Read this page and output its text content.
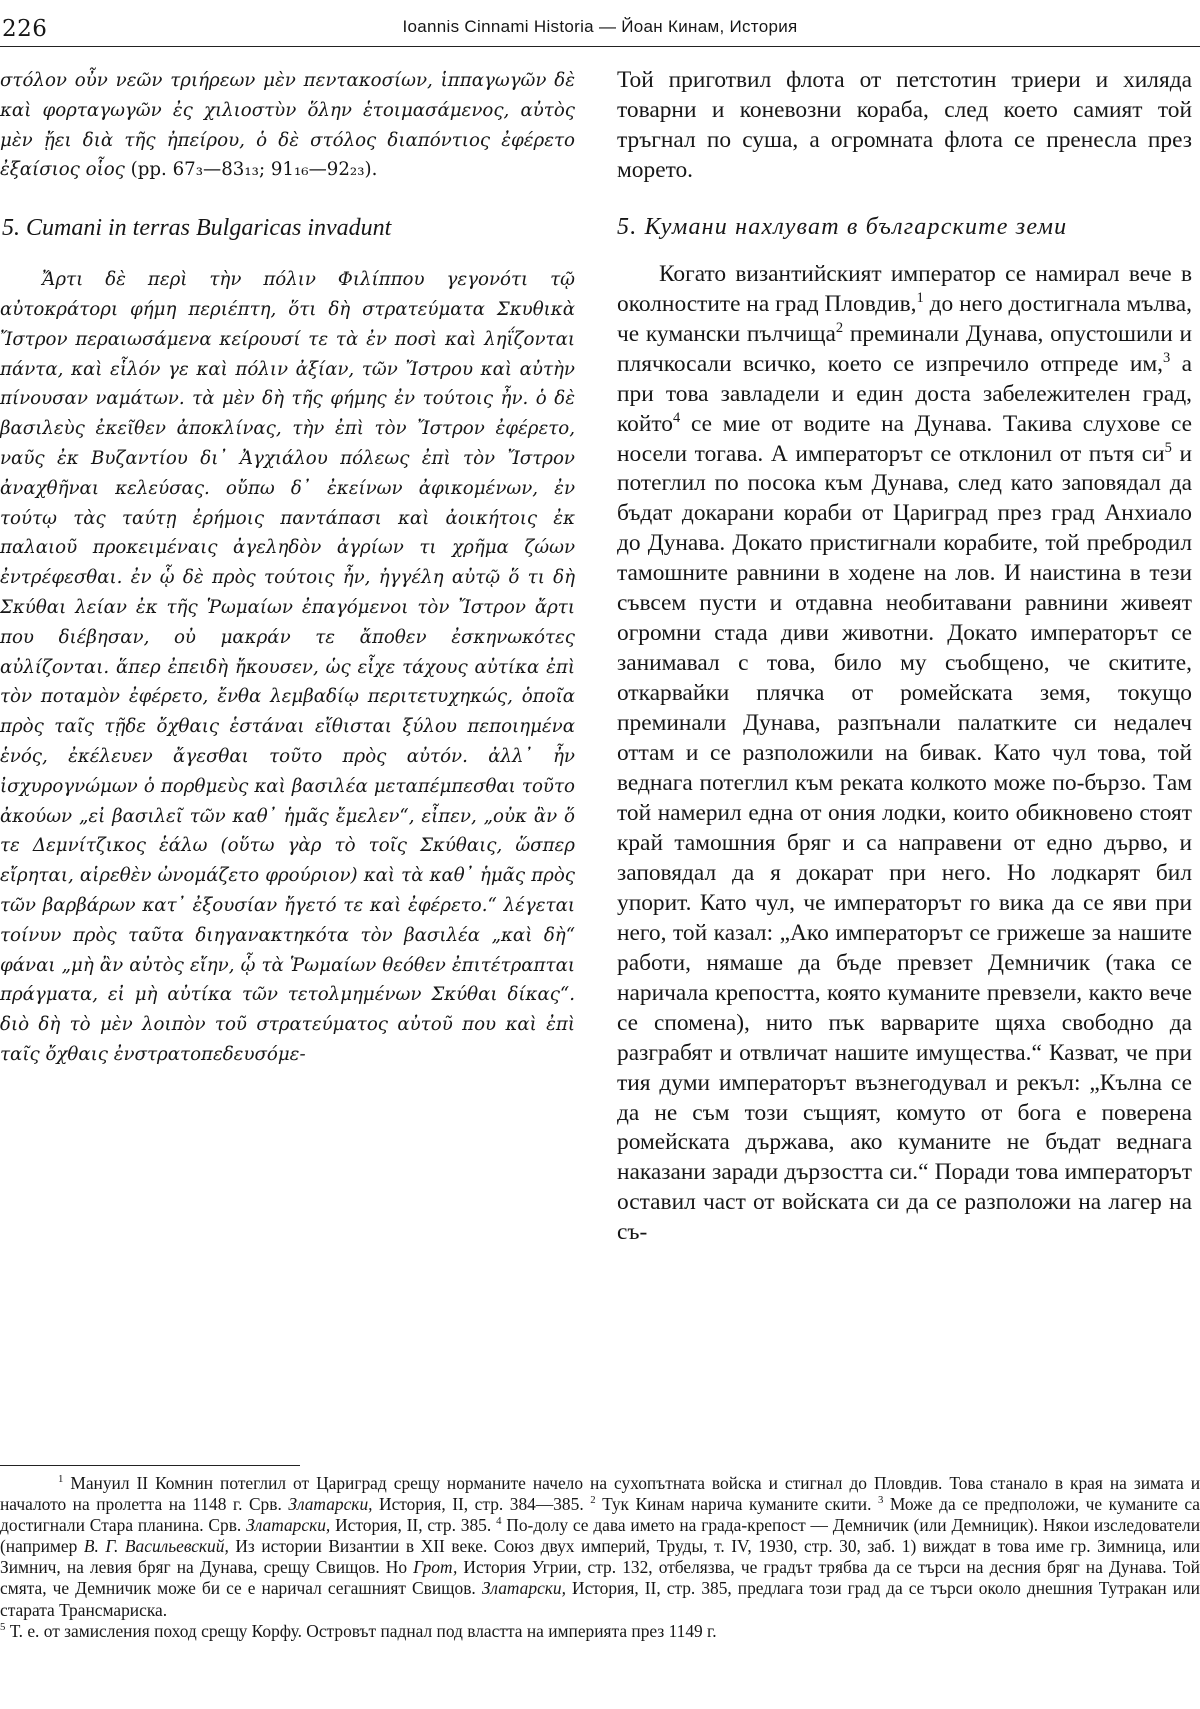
226	Ioannis Cinnami Historia — Йоан Кинам, История

στόλον οὖν νεῶν τριήρεων μὲν πεντακοσίων, ἱππαγωγῶν δὲ καὶ φορταγωγῶν ἐς χιλιοστὺν ὅλην ἑτοιμασάμενος, αὐτὸς μὲν ᾔει διὰ τῆς ἠπείρου, ὁ δὲ στόλος διαπόντιος ἐφέρετο ἐξαίσιος οἷος (pp. 67₃—83₁₃; 91₁₆—92₂₃).

5. Cumani in terras Bulgaricas invadunt

Ἄρτι δὲ περὶ τὴν πόλιν Φιλίππου γεγονότι τῷ αὐτοκράτορι φήμη περιέπτη, ὅτι δὴ στρατεύματα Σκυθικὰ Ἴστρον περαιωσάμενα κείρουσί τε τὰ ἐν ποσὶ καὶ ληΐζονται πάντα, καὶ εἷλόν γε καὶ πόλιν ἀξίαν, τῶν Ἴστρου καὶ αὐτὴν πίνουσαν ναμάτων. τὰ μὲν δὴ τῆς φήμης ἐν τούτοις ἦν. ὁ δὲ βασιλεὺς ἐκεῖθεν ἀποκλίνας, τὴν ἐπὶ τὸν Ἴστρον ἐφέρετο, ναῦς ἐκ Βυζαντίου δι᾽ Ἀγχιάλου πόλεως ἐπὶ τὸν Ἴστρον ἀναχθῆναι κελεύσας. οὔπω δ᾽ ἐκείνων ἀφικομένων, ἐν τούτῳ τὰς ταύτῃ ἐρήμοις παντάπασι καὶ ἀοικήτοις ἐκ παλαιοῦ προκειμέναις ἀγεληδὸν ἀγρίων τι χρῆμα ζώων ἐντρέφεσθαι. ἐν ᾧ δὲ πρὸς τούτοις ἦν, ἠγγέλη αὐτῷ ὅ τι δὴ Σκύθαι λείαν ἐκ τῆς Ῥωμαίων ἐπαγόμενοι τὸν Ἴστρον ἄρτι που διέβησαν, οὐ μακράν τε ἄποθεν ἐσκηνωκότες αὐλίζονται. ἅπερ ἐπειδὴ ἤκουσεν, ὡς εἶχε τάχους αὐτίκα ἐπὶ τὸν ποταμὸν ἐφέρετο, ἔνθα λεμβαδίῳ περιτετυχηκώς, ὁποῖα πρὸς ταῖς τῇδε ὄχθαις ἑστάναι εἴθισται ξύλου πεποιημένα ἑνός, ἐκέλευεν ἄγεσθαι τοῦτο πρὸς αὐτόν. ἀλλ᾽ ἦν ἰσχυρογνώμων ὁ πορθμεὺς καὶ βασιλέα μεταπέμπεσθαι τοῦτο ἀκούων „εἰ βασιλεῖ τῶν καθ᾽ ἡμᾶς ἔμελεν“, εἶπεν, „οὐκ ἂν ὅ τε Δεμνίτζικος ἑάλω (οὕτω γὰρ τὸ τοῖς Σκύθαις, ὥσπερ εἴρηται, αἱρεθὲν ὠνομάζετο φρούριον) καὶ τὰ καθ᾽ ἡμᾶς πρὸς τῶν βαρβάρων κατ᾽ ἐξουσίαν ἤγετό τε καὶ ἐφέρετο.“ λέγεται τοίνυν πρὸς ταῦτα διηγανακτηκότα τὸν βασιλέα „καὶ δὴ“ φάναι „μὴ ἂν αὐτὸς εἴην, ᾧ τὰ Ῥωμαίων θεόθεν ἐπιτέτραπται πράγματα, εἰ μὴ αὐτίκα τῶν τετολμημένων Σκύθαι δίκας“. διὸ δὴ τὸ μὲν λοιπὸν τοῦ στρατεύματος αὐτοῦ που καὶ ἐπὶ ταῖς ὄχθαις ἐνστρατοπεδευσόμε-

Той приготвил флота от петстотин триери и хиляда товарни и коневозни кораба, след което самият той тръгнал по суша, а огромната флота се пренесла през морето.

5. Кумани нахлуват в българските земи

Когато византийският император се намирал вече в околностите на град Пловдив,$^1$ до него достигнала мълва, че кумански пълчища$^2$ преминали Дунава, опустошили и плячкосали всичко, което се изпречило отпреде им,$^3$ а при това завладели и един доста забележителен град, който$^4$ се мие от водите на Дунава. Такива слухове се носели тогава. А императорът се отклонил от пътя $си^5$ и потеглил по посока към Дунава, след като заповядал да бъдат докарани кораби от Цариград през град Анхиало до Дунава. Докато пристигнали корабите, той пребродил тамошните равнини в ходене на лов. И наистина в тези съвсем пусти и отдавна необитавани равнини живеят огромни стада диви животни. Докато императорът се занимавал с това, било му съобщено, че скитите, откарвайки плячка от ромейската земя, токущо преминали Дунава, разпънали палатките си недалеч оттам и се разположили на бивак. Като чул това, той веднага потеглил към реката колкото може по-бързо. Там той намерил една от ония лодки, които обикновено стоят край тамошния бряг и са направени от едно дърво, и заповядал да я докарат при него. Но лодкарят бил упорит. Като чул, че императорът го вика да се яви при него, той казал: „Ако императорът се грижеше за нашите работи, нямаше да бъде превзет Демничик (така се наричала крепостта, която куманите превзели, както вече се спомена), нито пък варварите щяха свободно да разграбят и отвличат нашите имущества.“ Казват, че при тия думи императорът възнегодувал и рекъл: „Кълна се да не съм този същият, комуто от бога е поверена ромейската държава, ако куманите не бъдат веднага наказани заради дързостта си.“ Поради това императорът оставил част от войската си да се разположи на лагер на съ-

$^1$ Мануил II Комнин потеглил от Цариград срещу норманите начело на сухопътната войска и стигнал до Пловдив. Това станало в края на зимата и началото на пролетта на 1148 г. Срв. Златарски, История, II, стр. 384—385. $^2$ Тук Кинам нарича куманите скити. $^3$ Може да се предположи, че куманите са достигнали Стара планина. Срв. Златарски, История, II, стр. 385. $^4$ По-долу се дава името на града-крепост — Демничик (или Демницик). Някои изследователи (например В. Г. Васильевский, Из истории Византии в XII веке. Союз двух империй, Труды, т. IV, 1930, стр. 30, заб. 1) виждат в това име гр. Зимница, или Зимнич, на левия бряг на Дунава, срещу Свищов. Но Грот, История Угрии, стр. 132, отбелязва, че градът трябва да се търси на десния бряг на Дунава. Той смята, че Демничик може би се е наричал сегашният Свищов. Златарски, История, II, стр. 385, предлага този град да се търси около днешния Тутракан или старата Трансмариска.

$^5$ Т. е. от замисления поход срещу Корфу. Островът паднал под властта на империята през 1149 г.
